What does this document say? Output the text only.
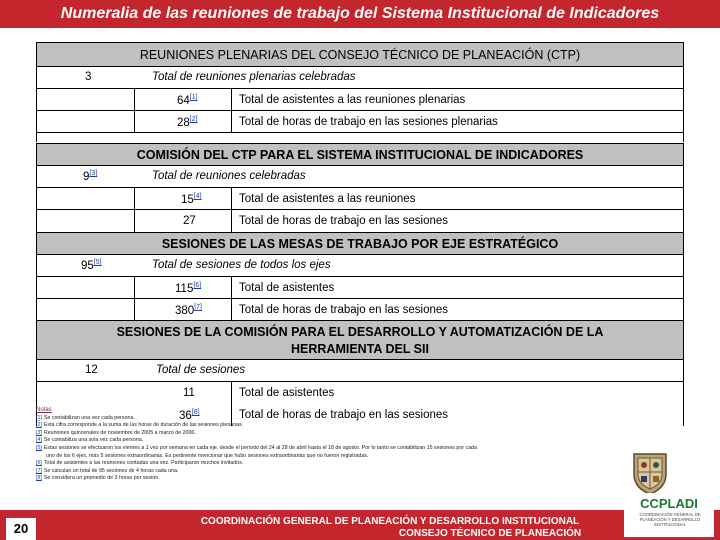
Numeralia de las reuniones de trabajo del Sistema Institucional de Indicadores
REUNIONES PLENARIAS DEL CONSEJO TÉCNICO DE PLANEACIÓN (CTP)
3	Total de reuniones plenarias celebradas
64[1]	Total de asistentes a las reuniones plenarias
28[2]	Total de horas de trabajo en las sesiones plenarias
COMISIÓN DEL CTP PARA EL SISTEMA INSTITUCIONAL DE INDICADORES
9[3]	Total de reuniones celebradas
15[4]	Total de asistentes a las reuniones
27	Total de horas de trabajo en las sesiones
SESIONES DE LAS MESAS DE TRABAJO POR EJE ESTRATÉGICO
95[5]	Total de sesiones de todos los ejes
115[6]	Total de asistentes
380[7]	Total de horas de trabajo en las sesiones
SESIONES DE LA COMISIÓN PARA EL DESARROLLO Y AUTOMATIZACIÓN DE LA
HERRAMIENTA DEL SII
12	Total de sesiones
11	Total de asistentes
36[8]	Total de horas de trabajo en las sesiones
Notas
[1] Se contabilizan una vez cada persona.
[2] Esta cifra corresponde a la suma de las horas de duración de las sesiones plenarias.
[3] Reuniones quincenales de noviembre de 2005 a marzo de 2006.
[4] Se contabiliza una sola vez cada persona.
[5] Estas sesiones se efectuaron los viernes a 1 vez por semana en cada eje, desde el periodo del 24 al 28 de abril hasta el 18 de agosto. Por lo tanto se contabilizan 15 sesiones por cada
uno de los 6 ejes, más 5 sesiones extraordinarias. Es pertinente mencionar que hubo sesiones extraordinarias que no fueron registradas.
[6] Total de asistentes a las reuniones contadas una vez. Participaron muchos invitados.
[7] Se calculan un total de 95 sesiones de 4 horas cada una.
[8] Se considera un promedio de 3 horas por sesión.
20	COORDINACIÓN GENERAL DE PLANEACIÓN Y DESARROLLO INSTITUCIONAL
CONSEJO TÉCNICO DE PLANEACIÓN
CCPLADI
COORDINACIÓN GENERAL DE PLANEACIÓN Y DESARROLLO INSTITUCIONAL
